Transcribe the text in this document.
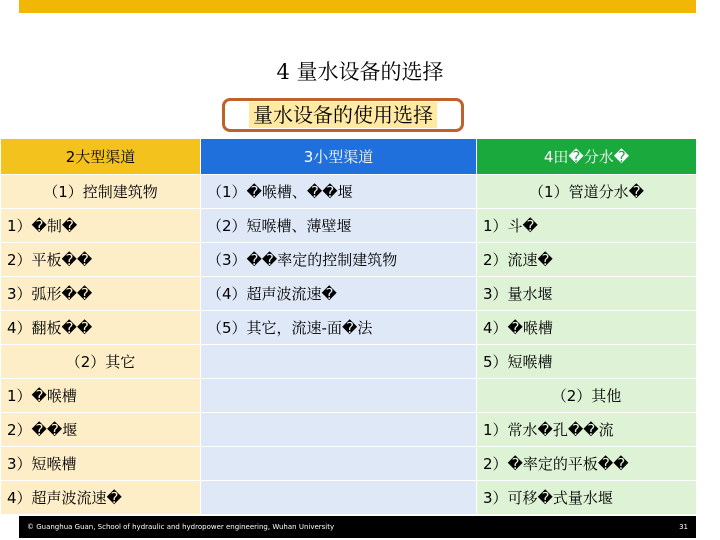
4 量水设备的选择
量水设备的使用选择
2大型渠道	3小型渠道	4田�分水�
（1）控制建筑物	（1）�喉槽、��堰	（1）管道分水�
1）�制�	（2）短喉槽、薄壁堰	1）斗�
2）平板��	（3）��率定的控制建筑物	2）流速�
3）弧形��	（4）超声波流速�	3）量水堰
4）翻板��	（5）其它，流速-面�法	4）�喉槽
（2）其它		5）短喉槽
1）�喉槽		（2）其他
2）��堰		1）常水�孔��流
3）短喉槽		2）�率定的平板��
4）超声波流速�		3）可移�式量水堰
© Guanghua Guan, School of hydraulic and hydropower engineering, Wuhan University	31
